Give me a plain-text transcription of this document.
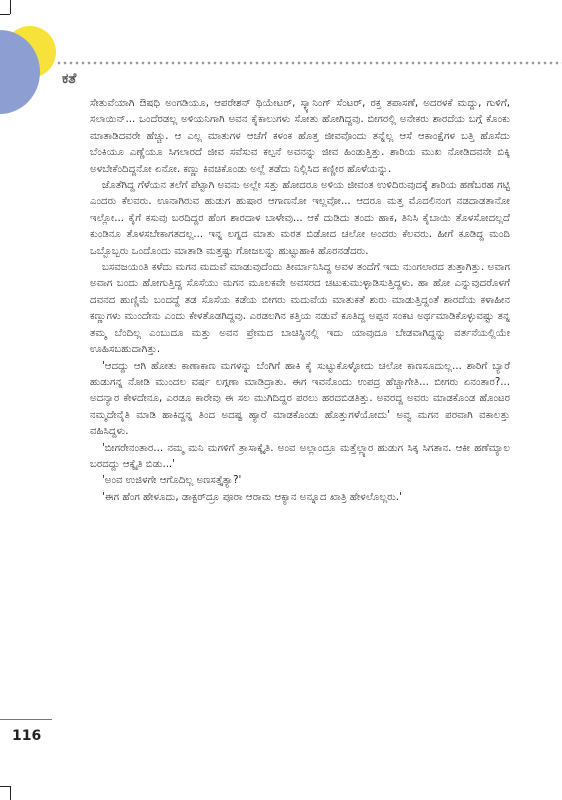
ಕತೆ

ಸೇತುವೆಯಾಗಿ ಔಷಧಿ ಅಂಗಡಿಯೂ, ಆಪರೇಶನ್ ಥಿಯೇಟರ್, ಸ್ಕ್ಯಾನಿಂಗ್ ಸೆಂಟರ್, ರಕ್ತ ತಪಾಸಣೆ, ಅದರಳಕೆ ಮದ್ದು, ಗುಳಿಗೆ, ಸಲಾಯಿನ್... ಒಂದೆರಡಲ್ಲ ಅಳಿಯನಿಗಾಗಿ ಅವನ ಕೈಕಾಲುಗಳು ಸೋತು ಹೋಗಿದ್ದವು. ಬೀಗರಲ್ಲಿ ಅನೇಕರು ಶಾರದೆಯ ಬಗ್ಗೆ ಕೊಂಕು ಮಾತಾಡಿದವರೇ ಹೆಚ್ಚು. ಆ ಎಲ್ಲ ಮಾತುಗಳ ಆಚೆಗೆ ಕಳಂಕ ಹೊತ್ತ ಜೀವವೊಂದು ತನ್ನೆಲ್ಲ ಆಸೆ ಆಕಾಂಕ್ಷೆಗಳ ಬತ್ತಿ ಹೊಸೆದು ಬೆಂಕಿಯೂ ಎಣ್ಣೆಯೂ ಸಿಗಲಾರದೆ ಜೀವ ಸವೆಸುವ ಕಲ್ಪನೆ ಅವನನ್ನು ಜೀವ ಹಿಂಡುತ್ತಿತ್ತು. ಶಾರಿಯ ಮುಖ ನೋಡಿದವನೇ ಬಿಕ್ಕಿ ಅಳಬೇಕೆಂದಿದ್ದನೋ ಏನೋ. ಕಣ್ಣು ಕಿವಚಿಕೊಂಡು ಅಲ್ಲೆ ತಡೆದು ನಿಲ್ಲಿಸಿದ ಕಣ್ಣೀರ ಹೊಳೆಯನ್ನು.

ಜೊತೆಗಿದ್ದ ಗೆಳೆಯನ ತಲೆಗೆ ಪೆಟ್ಟಾಗಿ ಅವನು ಅಲ್ಲೇ ಸತ್ತು ಹೋದರೂ ಅಳಿಯ ಜೀವಂತ ಉಳಿದಿರುವುದಕ್ಕೆ ಶಾರಿಯ ಹಣೆಬರಹ ಗಟ್ಟಿ ಎಂದರು ಕೆಲವರು. ಊನಾಗಿರುವ ಹುಡುಗ ಹುಷಾರ ಆಗಾಣನೋ ಇಲ್ಲವೋ... ಆದರೂ ಮತ್ತ ಮೊದಲಿನಂಗ ನಡದಾಡತಾನೋ ಇಲ್ಲೋ... ಕೈಗೆ ಕಸುವು ಬರದಿದ್ದರ ಹೆಂಗ ಶಾರದಾಳ ಬಾಳೇವು... ಆಕೆ ದುಡಿದು ತಂದು ಹಾಕ, ತಿನಿಸಿ ಕೈಬಾಯಿ ತೊಳಸೋದಲ್ಲದೆ ಕುಂಡಿನೂ ತೊಳಸಬೇಕಾಗತದಲ್ಲ... ಇನ್ನ ಲಗ್ನದ ಮಾತು ಮರತ ಬಿಡೋದ ಚಲೋ ಅಂದರು ಕೆಲವರು. ಹೀಗೆ ಕೂಡಿದ್ದ ಮಂದಿ ಒಬ್ಬೊಬ್ಬರು ಒಂದೊಂದು ಮಾತಾಡಿ ಮತ್ತಷ್ಟು ಗೋಜಲನ್ನು ಹುಟ್ಟುಹಾಕಿ ಹೊರನಡೆದರು.

ಬಸವಜಯಂತಿ ಕಳೆದು ಮಗನ ಮದುವೆ ಮಾಡುವುದೆಂದು ತೀರ್ಮಾನಿಸಿದ್ದ ಅವಳ ತಂದೆಗೆ ಇದು ನುಂಗಲಾರದ ತುತ್ತಾಗಿತ್ತು. ಅವಾಗ ಅವಾಗ ಬಂದು ಹೋಗುತ್ತಿದ್ದ ಸೊಸೆಯು ಮಗನ ಮೂಲಕವೇ ಅವಸರದ ಚಟುಕುಮುಳ್ಳಾಡಿಸುತ್ತಿದ್ದಳು. ಹಾ ಹೋ ಎನ್ನುವುದರೊಳಗೆ ದವನದ ಹುಣ್ಣಿಮೆ ಬಂದದ್ದೆ ತಡ ಸೊಸೆಯ ಕಡೆಯ ಬೀಗರು ಮದುವೆಯ ಮಾತುಕತೆ ಶುರು ಮಾಡುತ್ತಿದ್ದಂತೆ ಶಾರದೆಯ ಕಳಾಹೀನ ಕಣ್ಣುಗಳು ಮುಂದೇನು ಎಂದು ಕೇಳತೊಡಗಿದ್ದವು. ಎರಡಲಗಿನ ಕತ್ತಿಯ ನಡುವೆ ಕೂತಿದ್ದ ಅಪ್ಪನ ಸಂಕಟ ಅರ್ಥಮಾಡಿಕೊಳ್ಳುವಷ್ಟು ತನ್ನ ತಮ್ಮ ಬೆಂದಿಲ್ಲ ಎಂಬುದೂ ಮತ್ತು ಅವನ ಪ್ರೇಮದ ಬಾಚಿಸ್ಥಿನಲ್ಲಿ ಇದು ಯಾವುದೂ ಬೇಡವಾಗಿದ್ದನ್ನು ವರ್ತನೆಯಲ್ಲಿಯೇ ಊಹಿಸಬಹುದಾಗಿತ್ತು.

'ಆದದ್ದು ಆಗಿ ಹೋತು ಕಾಣಾಕಾಣ ಮಗಳನ್ನು ಬೆಂಗಿಗೆ ಹಾಕಿ ಕೈ ಸುಟ್ಟುಕೊಳ್ಳೋದು ಚಲೋ ಕಾಣಸೂದುಲ್ಲ... ಶಾರಿಗೆ ಬ್ಯಾರೆ ಹುಡುಗನ್ನ ನೋಡಿ ಮುಂದಲ ವರ್ಷ ಲಗ್ಗಣಾ ಮಾಡಿದ್ರಾತು. ಈಗ ಇವನೊಂದು ಉಪದ್ರ ಹೆಚ್ಚಾಗೇತಿ... ಬೀಗರು ಏನಂತಾರ?... ಅದನ್ಯಾರ ಕೇಳದೇನೂ, ಎರಡೂ ಕಾರೇವು ಈ ಸಲ ಮುಗಿದಿದ್ದರ ಪರಲು ಹರದಬಿಡತಿತ್ತು. ಅವರದ್ದ ಅವರು ಮಾಡಕೊಂಡ ಹೊಂಟರ ನಮ್ಮದೇನೈತಿ ಮಾಡಿ ಹಾಕಿದ್ದನ್ನ ತಿಂದ ಅದಷ್ಟ ಹ್ಯಾರೆ ಮಾಡಕೊಂಡು ಹೊತ್ತುಗಳೆಯೋದು' ಅವ್ವ ಮಗನ ಪರವಾಗಿ ವಕಾಲತ್ತು ವಹಿಸಿದ್ದಳು.

'ಬೀಗರೇನಂತಾರ... ನಮ್ಮ ಮನಿ ಮಗಳಿಗೆ ತ್ರಾಸಾಕ್ಕೈತಿ. ಅಂವ ಅಲ್ಲಾಂದ್ರೂ ಮತ್ತೆಲ್ಲ್ಯಾರ ಹುಡುಗ ಸಿಕ್ಕ ಸಿಗತಾನ. ಆಕೀ ಹಣೆಮ್ಯಾಲ ಬರದದ್ದು ಆಕ್ಕೈತಿ ಬಿಡು...'

'ಅಂವ ಉಜಿಳಗೇ ಆಗೊದಿಲ್ಲ ಅಣಸತ್ತೈತ್ಯಾ?'

'ಈಗ ಹೆಂಗ ಹೇಳೂದು, ಡಾಕ್ಟರ್‌ದ್ರೂ ಪೂರಾ ಆರಾಮ ಆಕ್ಯಾನ ಅನ್ನೂದ ಖಾತ್ರಿ ಹೇಳಲೊಲ್ಲರು.'

116
